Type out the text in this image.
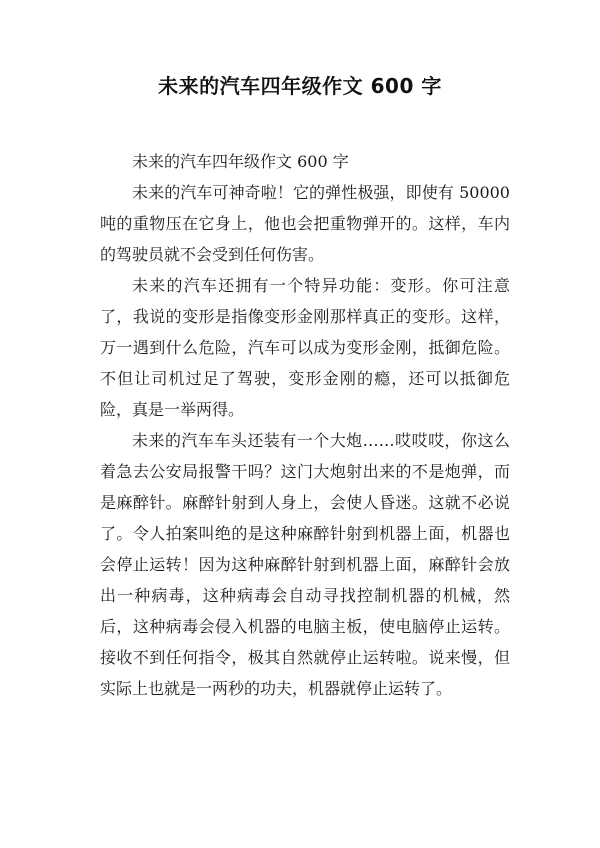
未来的汽车四年级作文 600 字

未来的汽车四年级作文 600 字

未来的汽车可神奇啦！它的弹性极强，即使有 50000 吨的重物压在它身上，他也会把重物弹开的。这样，车内的驾驶员就不会受到任何伤害。

未来的汽车还拥有一个特异功能：变形。你可注意了，我说的变形是指像变形金刚那样真正的变形。这样，万一遇到什么危险，汽车可以成为变形金刚，抵御危险。不但让司机过足了驾驶，变形金刚的瘾，还可以抵御危险，真是一举两得。

未来的汽车车头还装有一个大炮……哎哎哎，你这么着急去公安局报警干吗？这门大炮射出来的不是炮弹，而是麻醉针。麻醉针射到人身上，会使人昏迷。这就不必说了。令人拍案叫绝的是这种麻醉针射到机器上面，机器也会停止运转！因为这种麻醉针射到机器上面，麻醉针会放出一种病毒，这种病毒会自动寻找控制机器的机械，然后，这种病毒会侵入机器的电脑主板，使电脑停止运转。接收不到任何指令，极其自然就停止运转啦。说来慢，但实际上也就是一两秒的功夫，机器就停止运转了。
